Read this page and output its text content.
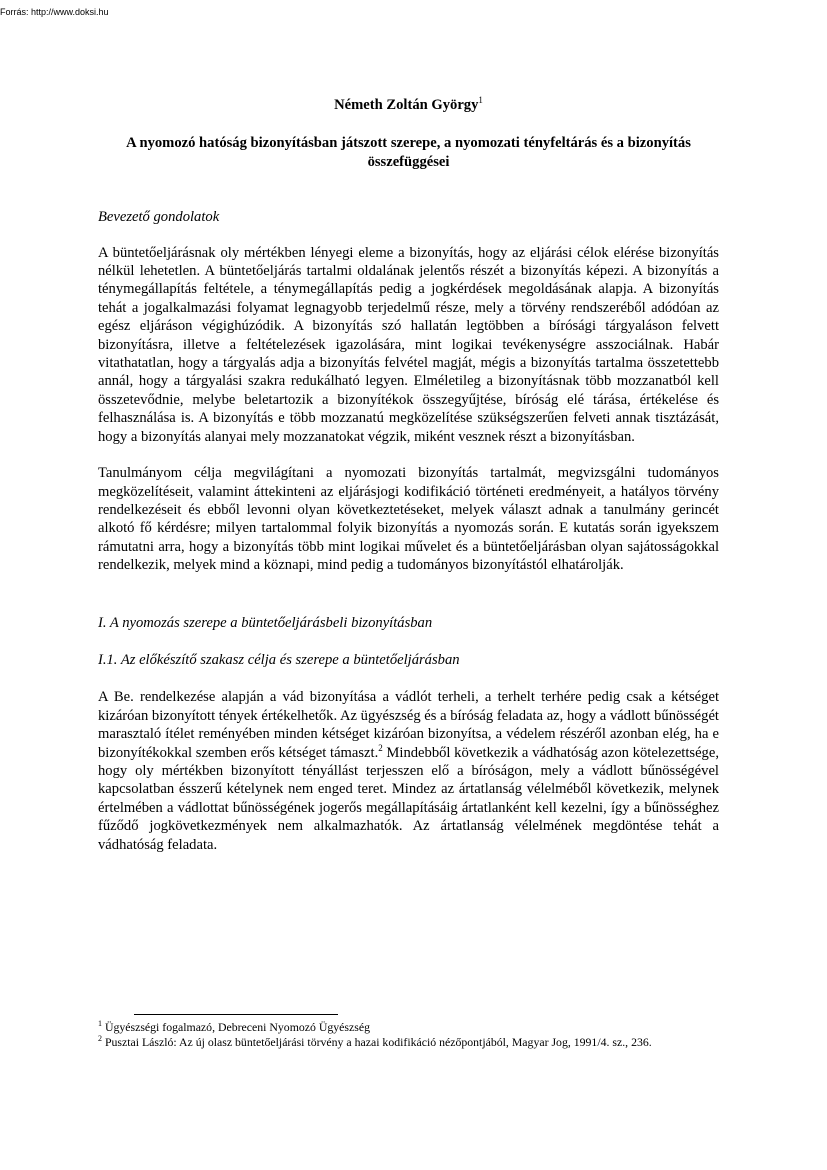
Forrás: http://www.doksi.hu

Németh Zoltán György$^1$

A nyomozó hatóság bizonyításban játszott szerepe, a nyomozati tényfeltárás és a bizonyítás összefüggései

Bevezető gondolatok

A büntetőeljárásnak oly mértékben lényegi eleme a bizonyítás, hogy az eljárási célok elérése bizonyítás nélkül lehetetlen. A büntetőeljárás tartalmi oldalának jelentős részét a bizonyítás képezi. A bizonyítás a ténymegállapítás feltétele, a ténymegállapítás pedig a jogkérdések megoldásának alapja. A bizonyítás tehát a jogalkalmazási folyamat legnagyobb terjedelmű része, mely a törvény rendszeréből adódóan az egész eljáráson végighúzódik. A bizonyítás szó hallatán legtöbben a bírósági tárgyaláson felvett bizonyításra, illetve a feltételezések igazolására, mint logikai tevékenységre asszociálnak. Habár vitathatatlan, hogy a tárgyalás adja a bizonyítás felvétel magját, mégis a bizonyítás tartalma összetettebb annál, hogy a tárgyalási szakra redukálható legyen. Elméletileg a bizonyításnak több mozzanatból kell összetevődnie, melybe beletartozik a bizonyítékok összegyűjtése, bíróság elé tárása, értékelése és felhasználása is. A bizonyítás e több mozzanatú megközelítése szükségszerűen felveti annak tisztázását, hogy a bizonyítás alanyai mely mozzanatokat végzik, miként vesznek részt a bizonyításban.

Tanulmányom célja megvilágítani a nyomozati bizonyítás tartalmát, megvizsgálni tudományos megközelítéseit, valamint áttekinteni az eljárásjogi kodifikáció történeti eredményeit, a hatályos törvény rendelkezéseit és ebből levonni olyan következtetéseket, melyek választ adnak a tanulmány gerincét alkotó fő kérdésre; milyen tartalommal folyik bizonyítás a nyomozás során. E kutatás során igyekszem rámutatni arra, hogy a bizonyítás több mint logikai művelet és a büntetőeljárásban olyan sajátosságokkal rendelkezik, melyek mind a köznapi, mind pedig a tudományos bizonyítástól elhatárolják.

I. A nyomozás szerepe a büntetőeljárásbeli bizonyításban

I.1. Az előkészítő szakasz célja és szerepe a büntetőeljárásban

A Be. rendelkezése alapján a vád bizonyítása a vádlót terheli, a terhelt terhére pedig csak a kétséget kizáróan bizonyított tények értékelhetők. Az ügyészség és a bíróság feladata az, hogy a vádlott bűnösségét marasztaló ítélet reményében minden kétséget kizáróan bizonyítsa, a védelem részéről azonban elég, ha e bizonyítékokkal szemben erős kétséget támaszt.$^2$ Mindebből következik a vádhatóság azon kötelezettsége, hogy oly mértékben bizonyított tényállást terjesszen elő a bíróságon, mely a vádlott bűnösségével kapcsolatban ésszerű kételynek nem enged teret. Mindez az ártatlanság vélelméből következik, melynek értelmében a vádlottat bűnösségének jogerős megállapításáig ártatlanként kell kezelni, így a bűnösséghez fűződő jogkövetkezmények nem alkalmazhatók. Az ártatlanság vélelmének megdöntése tehát a vádhatóság feladata.

$^1$ Ügyészségi fogalmazó, Debreceni Nyomozó Ügyészség

$^2$ Pusztai László: Az új olasz büntetőeljárási törvény a hazai kodifikáció nézőpontjából, Magyar Jog, 1991/4. sz., 236.
